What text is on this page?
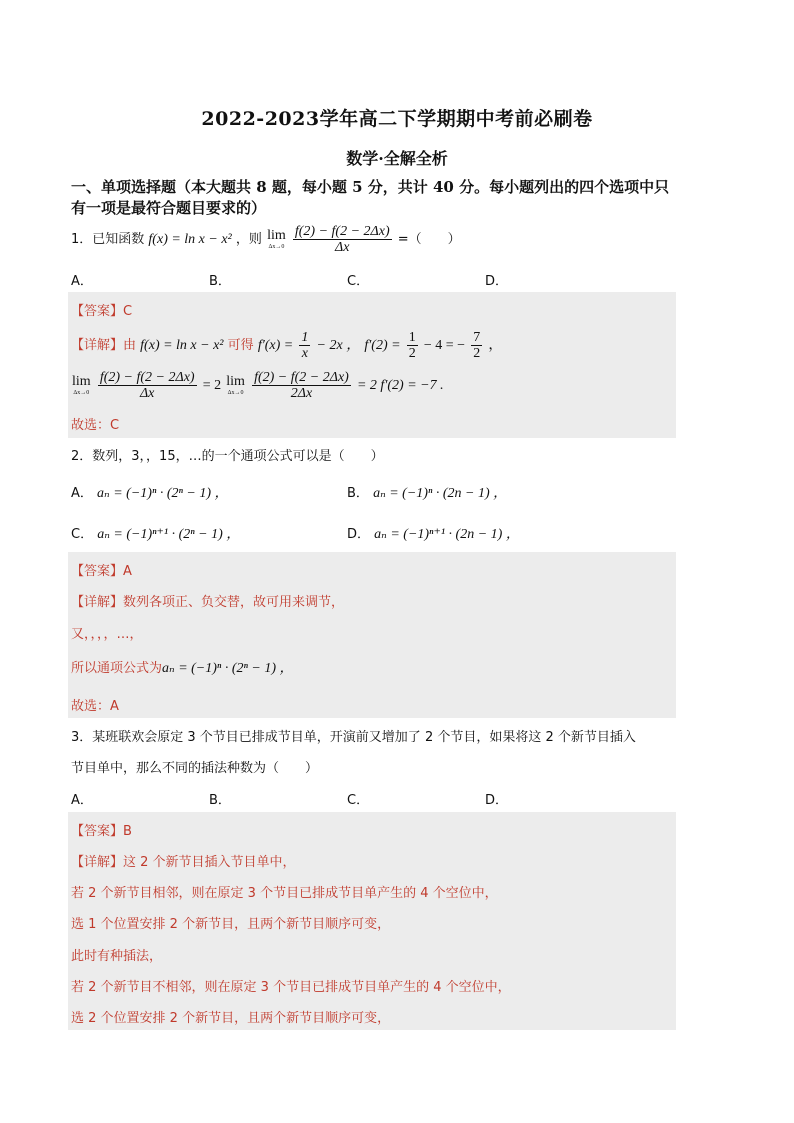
2022-2023学年高二下学期期中考前必刷卷
数学·全解全析
一、单项选择题（本大题共 8 题，每小题 5 分，共计 40 分。每小题列出的四个选项中只有一项是最符合题目要求的）
1．已知函数 f(x) = ln x − x² ，则 lim
Δx→0
$\frac{f(2) - f(2 - 2\Delta x)}{\Delta x}$ =（　　）
A．	B．	C．	D．
【答案】C
【详解】由 f(x) = ln x − x² 可得 $f'(x) = \frac{1}{x} - 2x$ ， $f'(2) = \frac{1}{2} - 4$ = − $\frac{7}{2}$ ，
lim
Δx→0
$\frac{f(2) - f(2 - 2\Delta x)}{\Delta x} = 2$ lim
Δx→0
$\frac{f(2) - f(2 - 2\Delta x)}{2\Delta x} = 2$ f′(2) = −7 .
故选：C
2．数列，3，，15，…的一个通项公式可以是（　　）
A． aₙ = (−1)ⁿ · (2ⁿ − 1) ，	B． aₙ = (−1)ⁿ · (2n − 1) ，
C． aₙ = (−1)ⁿ⁺¹ · (2ⁿ − 1) ，	D． aₙ = (−1)ⁿ⁺¹ · (2n − 1) ，
【答案】A
【详解】数列各项正、负交替，故可用来调节，
又，，，，…，
所以通项公式为aₙ = (−1)ⁿ · (2ⁿ − 1) ，
故选：A
3．某班联欢会原定 3 个节目已排成节目单，开演前又增加了 2 个节目，如果将这 2 个新节目插入
节目单中，那么不同的插法种数为（　　）
A．	B．	C．	D．
【答案】B
【详解】这 2 个新节目插入节目单中，
若 2 个新节目相邻，则在原定 3 个节目已排成节目单产生的 4 个空位中，
选 1 个位置安排 2 个新节目，且两个新节目顺序可变，
此时有种插法，
若 2 个新节目不相邻，则在原定 3 个节目已排成节目单产生的 4 个空位中，
选 2 个位置安排 2 个新节目，且两个新节目顺序可变，
